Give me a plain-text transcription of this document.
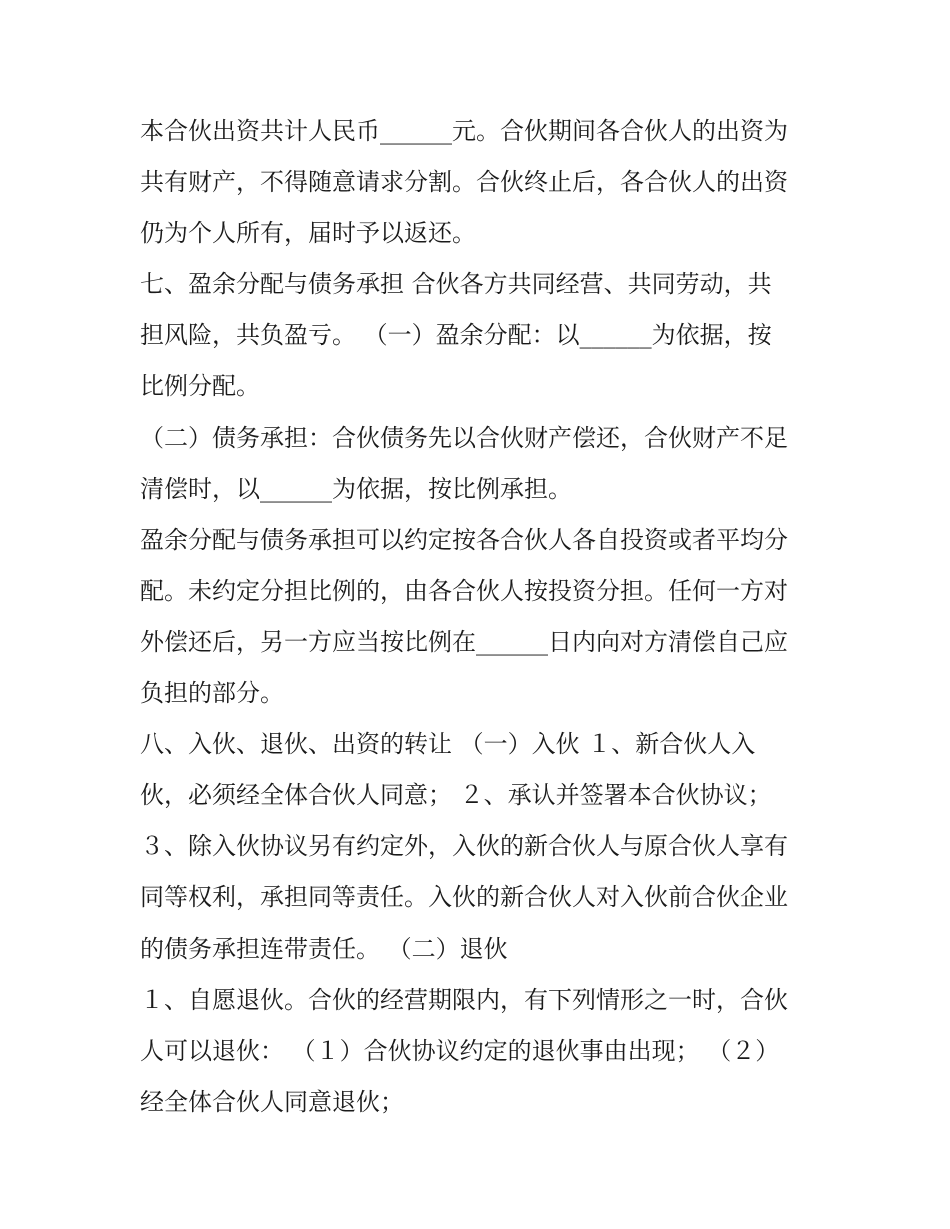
本合伙出资共计人民币______元。合伙期间各合伙人的出资为
共有财产，不得随意请求分割。合伙终止后，各合伙人的出资
仍为个人所有，届时予以返还。
七、盈余分配与债务承担 合伙各方共同经营、共同劳动，共
担风险，共负盈亏。 （一）盈余分配：以______为依据，按
比例分配。
（二）债务承担：合伙债务先以合伙财产偿还，合伙财产不足
清偿时，以______为依据，按比例承担。
盈余分配与债务承担可以约定按各合伙人各自投资或者平均分
配。未约定分担比例的，由各合伙人按投资分担。任何一方对
外偿还后，另一方应当按比例在______日内向对方清偿自己应
负担的部分。
八、入伙、退伙、出资的转让 （一）入伙 １、新合伙人入
伙，必须经全体合伙人同意； ２、承认并签署本合伙协议；
３、除入伙协议另有约定外，入伙的新合伙人与原合伙人享有
同等权利，承担同等责任。入伙的新合伙人对入伙前合伙企业
的债务承担连带责任。 （二）退伙
１、自愿退伙。合伙的经营期限内，有下列情形之一时，合伙
人可以退伙： （１）合伙协议约定的退伙事由出现； （２）
经全体合伙人同意退伙；
